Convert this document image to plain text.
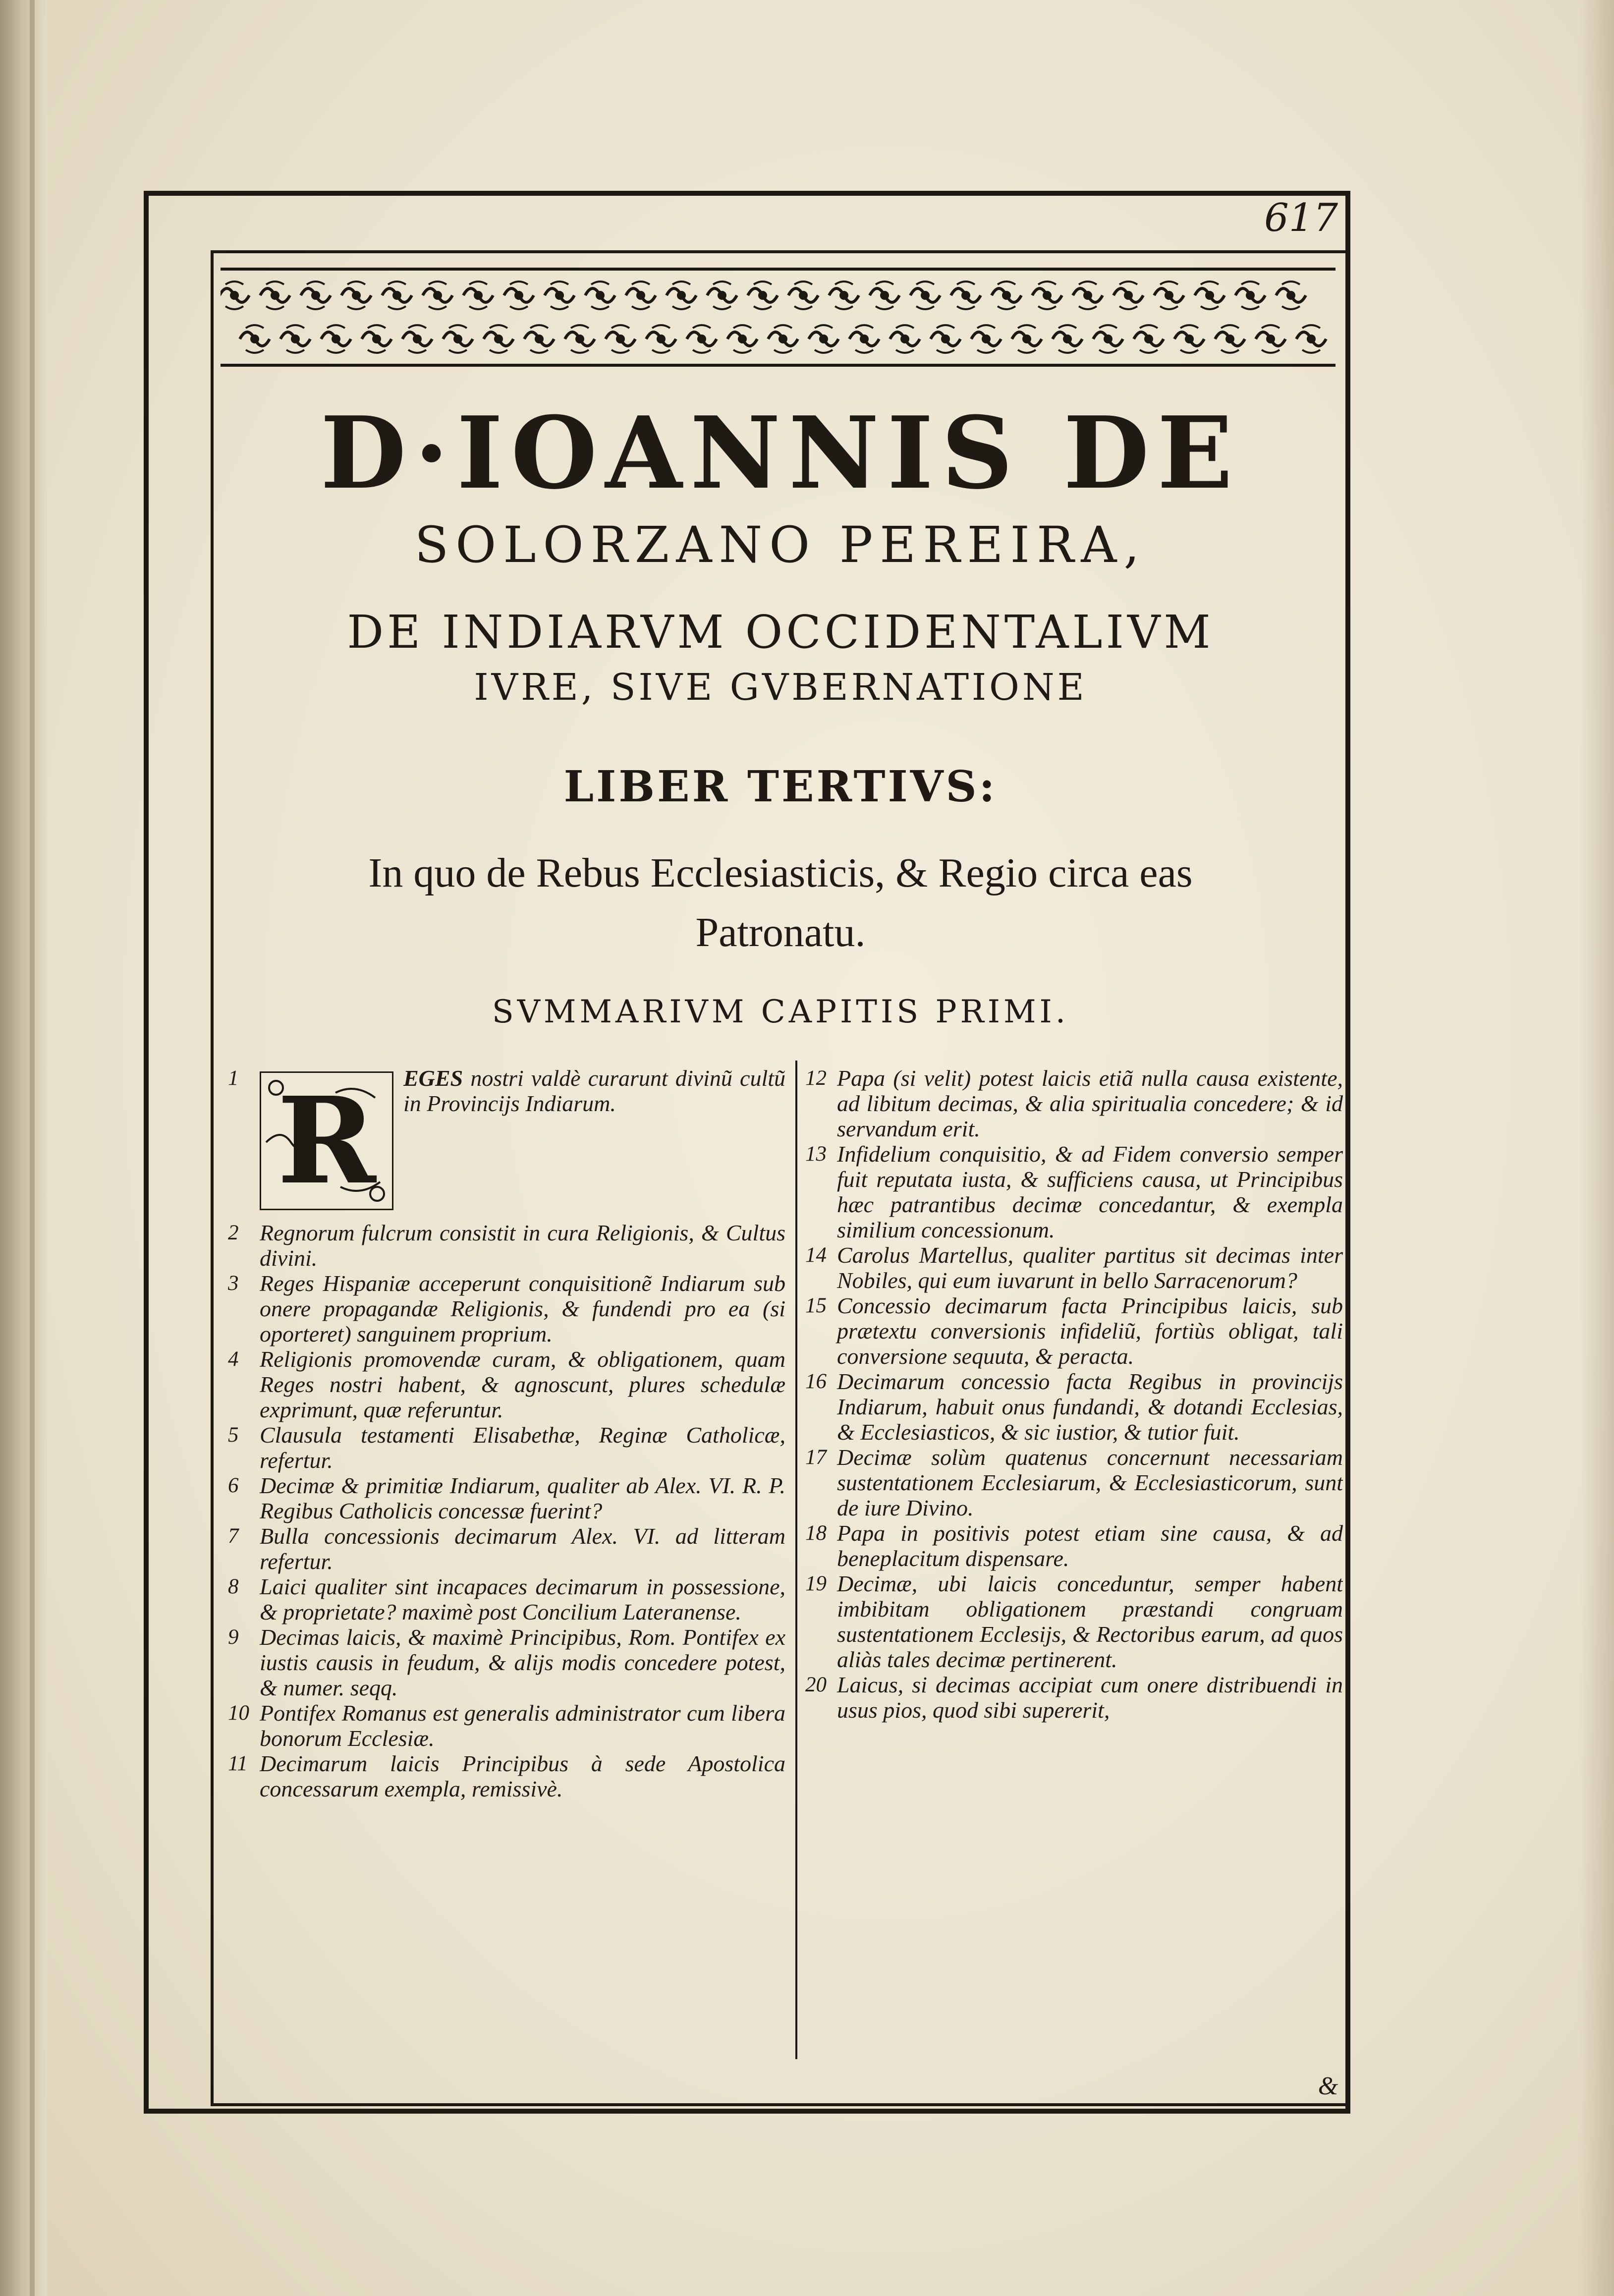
617
D·IOANNIS DE
SOLORZANO PEREIRA,
DE INDIARVM OCCIDENTALIVM
IVRE, SIVE GVBERNATIONE
LIBER TERTIVS:
In quo de Rebus Ecclesiasticis, & Regio circa eas
Patronatu.
SVMMARIVM CAPITIS PRIMI.
1 R EGES nostri valdè curarunt divinũ cultũ in Provincijs Indiarum.
2 Regnorum fulcrum consistit in cura Religionis, & Cultus divini.
3 Reges Hispaniæ acceperunt conquisitionẽ Indiarum sub onere propagandæ Religionis, & fundendi pro ea (si oporteret) sanguinem proprium.
4 Religionis promovendæ curam, & obligationem, quam Reges nostri habent, & agnoscunt, plures schedulæ exprimunt, quæ referuntur.
5 Clausula testamenti Elisabethæ, Reginæ Catholicæ, refertur.
6 Decimæ & primitiæ Indiarum, qualiter ab Alex. VI. R. P. Regibus Catholicis concessæ fuerint?
7 Bulla concessionis decimarum Alex. VI. ad litteram refertur.
8 Laici qualiter sint incapaces decimarum in possessione, & proprietate? maximè post Concilium Lateranense.
9 Decimas laicis, & maximè Principibus, Rom. Pontifex ex iustis causis in feudum, & alijs modis concedere potest, & numer. seqq.
10 Pontifex Romanus est generalis administrator cum libera bonorum Ecclesiæ.
11 Decimarum laicis Principibus à sede Apostolica concessarum exempla, remissivè.
12 Papa (si velit) potest laicis etiã nulla causa existente, ad libitum decimas, & alia spiritualia concedere; & id servandum erit.
13 Infidelium conquisitio, & ad Fidem conversio semper fuit reputata iusta, & sufficiens causa, ut Principibus hæc patrantibus decimæ concedantur, & exempla similium concessionum.
14 Carolus Martellus, qualiter partitus sit decimas inter Nobiles, qui eum iuvarunt in bello Sarracenorum?
15 Concessio decimarum facta Principibus laicis, sub prætextu conversionis infideliũ, fortiùs obligat, tali conversione sequuta, & peracta.
16 Decimarum concessio facta Regibus in provincijs Indiarum, habuit onus fundandi, & dotandi Ecclesias, & Ecclesiasticos, & sic iustior, & tutior fuit.
17 Decimæ solùm quatenus concernunt necessariam sustentationem Ecclesiarum, & Ecclesiasticorum, sunt de iure Divino.
18 Papa in positivis potest etiam sine causa, & ad beneplacitum dispensare.
19 Decimæ, ubi laicis conceduntur, semper habent imbibitam obligationem præstandi congruam sustentationem Ecclesijs, & Rectoribus earum, ad quos aliàs tales decimæ pertinerent.
20 Laicus, si decimas accipiat cum onere distribuendi in usus pios, quod sibi supererit,
&
